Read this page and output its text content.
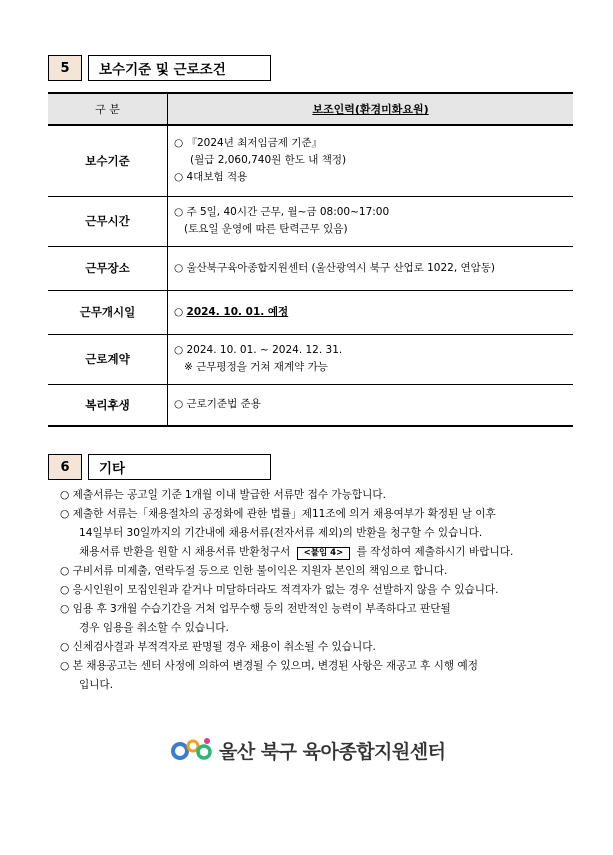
5	보수기준 및 근로조건
구 분	보조인력(환경미화요원)
보수기준	○ 『2024년 최저임금제 기준』
(월급 2,060,740원 한도 내 책정)
○ 4대보험 적용

근무시간	○ 주 5일, 40시간 근무, 월~금 08:00~17:00
(토요일 운영에 따른 탄력근무 있음)

근무장소	○ 울산북구육아종합지원센터 (울산광역시 북구 산업로 1022, 연암동)

근무개시일	○ 2024. 10. 01. 예정
근로계약	○ 2024. 10. 01. ~ 2024. 12. 31.
※ 근무평정을 거쳐 재계약 가능

복리후생	○ 근로기준법 준용
6	기타
○ 제출서류는 공고일 기준 1개월 이내 발급한 서류만 접수 가능합니다.
○ 제출한 서류는「채용절차의 공정화에 관한 법률」제11조에 의거 채용여부가 확정된 날 이후
14일부터 30일까지의 기간내에 채용서류(전자서류 제외)의 반환을 청구할 수 있습니다.
채용서류 반환을 원할 시 채용서류 반환청구서 <붙임 4> 를 작성하여 제출하시기 바랍니다.
○ 구비서류 미제출, 연락두절 등으로 인한 불이익은 지원자 본인의 책임으로 합니다.
○ 응시인원이 모집인원과 같거나 미달하더라도 적격자가 없는 경우 선발하지 않을 수 있습니다.
○ 임용 후 3개월 수습기간을 거쳐 업무수행 등의 전반적인 능력이 부족하다고 판단될
경우 임용을 취소할 수 있습니다.
○ 신체검사결과 부적격자로 판명될 경우 채용이 취소될 수 있습니다.
○ 본 채용공고는 센터 사정에 의하여 변경될 수 있으며, 변경된 사항은 재공고 후 시행 예정
입니다.
울산 북구 육아종합지원센터
